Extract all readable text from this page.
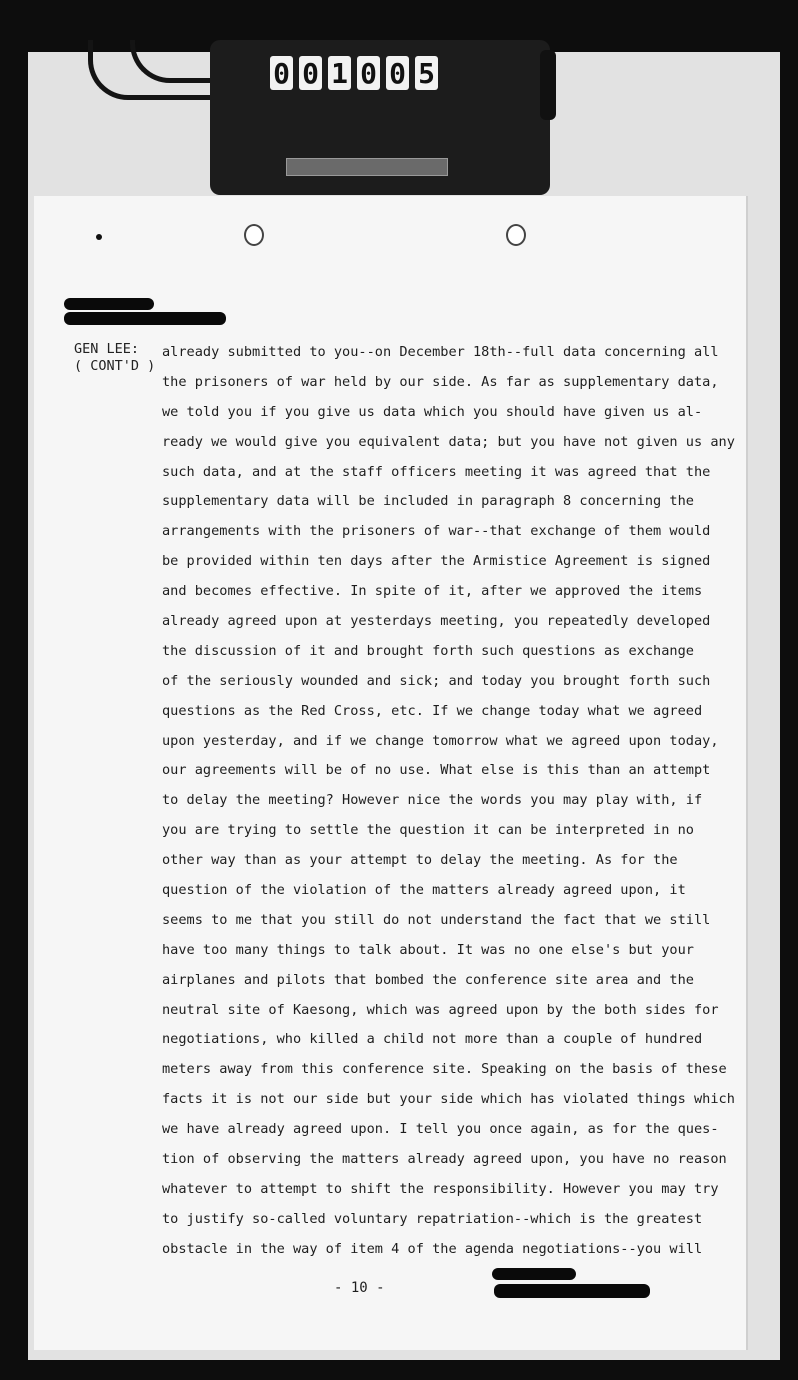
0 0 1 0 0 5
GEN LEE:
( CONT'D )
already submitted to you--on December 18th--full data concerning all
the prisoners of war held by our side. As far as supplementary data,
we told you if you give us data which you should have given us al-
ready we would give you equivalent data; but you have not given us any
such data, and at the staff officers meeting it was agreed that the
supplementary data will be included in paragraph 8 concerning the
arrangements with the prisoners of war--that exchange of them would
be provided within ten days after the Armistice Agreement is signed
and becomes effective. In spite of it, after we approved the items
already agreed upon at yesterdays meeting, you repeatedly developed
the discussion of it and brought forth such questions as exchange
of the seriously wounded and sick; and today you brought forth such
questions as the Red Cross, etc. If we change today what we agreed
upon yesterday, and if we change tomorrow what we agreed upon today,
our agreements will be of no use. What else is this than an attempt
to delay the meeting? However nice the words you may play with, if
you are trying to settle the question it can be interpreted in no
other way than as your attempt to delay the meeting. As for the
question of the violation of the matters already agreed upon, it
seems to me that you still do not understand the fact that we still
have too many things to talk about. It was no one else's but your
airplanes and pilots that bombed the conference site area and the
neutral site of Kaesong, which was agreed upon by the both sides for
negotiations, who killed a child not more than a couple of hundred
meters away from this conference site. Speaking on the basis of these
facts it is not our side but your side which has violated things which
we have already agreed upon. I tell you once again, as for the ques-
tion of observing the matters already agreed upon, you have no reason
whatever to attempt to shift the responsibility. However you may try
to justify so-called voluntary repatriation--which is the greatest
obstacle in the way of item 4 of the agenda negotiations--you will
- 10 -
